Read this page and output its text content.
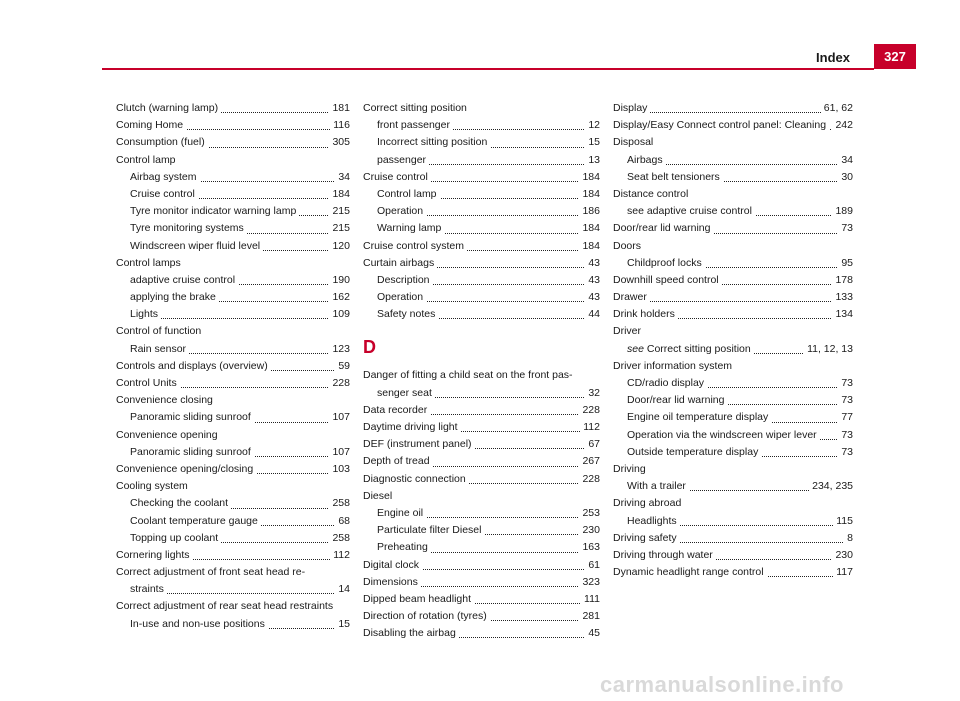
Index	327
Clutch (warning lamp)	181
Coming Home	116
Consumption (fuel)	305
Control lamp
Airbag system	34
Cruise control	184
Tyre monitor indicator warning lamp	215
Tyre monitoring systems	215
Windscreen wiper fluid level	120
Control lamps
adaptive cruise control	190
applying the brake	162
Lights	109
Control of function
Rain sensor	123
Controls and displays (overview)	59
Control Units	228
Convenience closing
Panoramic sliding sunroof	107
Convenience opening
Panoramic sliding sunroof	107
Convenience opening/closing	103
Cooling system
Checking the coolant	258
Coolant temperature gauge	68
Topping up coolant	258
Cornering lights	112
Correct adjustment of front seat head re-
straints	14
Correct adjustment of rear seat head restraints
In-use and non-use positions	15
Correct sitting position
front passenger	12
Incorrect sitting position	15
passenger	13
Cruise control	184
Control lamp	184
Operation	186
Warning lamp	184
Cruise control system	184
Curtain airbags	43
Description	43
Operation	43
Safety notes	44
D
Danger of fitting a child seat on the front pas-
senger seat	32
Data recorder	228
Daytime driving light	112
DEF (instrument panel)	67
Depth of tread	267
Diagnostic connection	228
Diesel
Engine oil	253
Particulate filter Diesel	230
Preheating	163
Digital clock	61
Dimensions	323
Dipped beam headlight	111
Direction of rotation (tyres)	281
Disabling the airbag	45
Display	61, 62
Display/Easy Connect control panel: Cleaning 242
Disposal
Airbags	34
Seat belt tensioners	30
Distance control
see adaptive cruise control	189
Door/rear lid warning	73
Doors
Childproof locks	95
Downhill speed control	178
Drawer	133
Drink holders	134
Driver
see Correct sitting position	11, 12, 13
Driver information system
CD/radio display	73
Door/rear lid warning	73
Engine oil temperature display	77
Operation via the windscreen wiper lever 73
Outside temperature display	73
Driving
With a trailer	234, 235
Driving abroad
Headlights	115
Driving safety	8
Driving through water	230
Dynamic headlight range control	117
carmanualsonline.info
